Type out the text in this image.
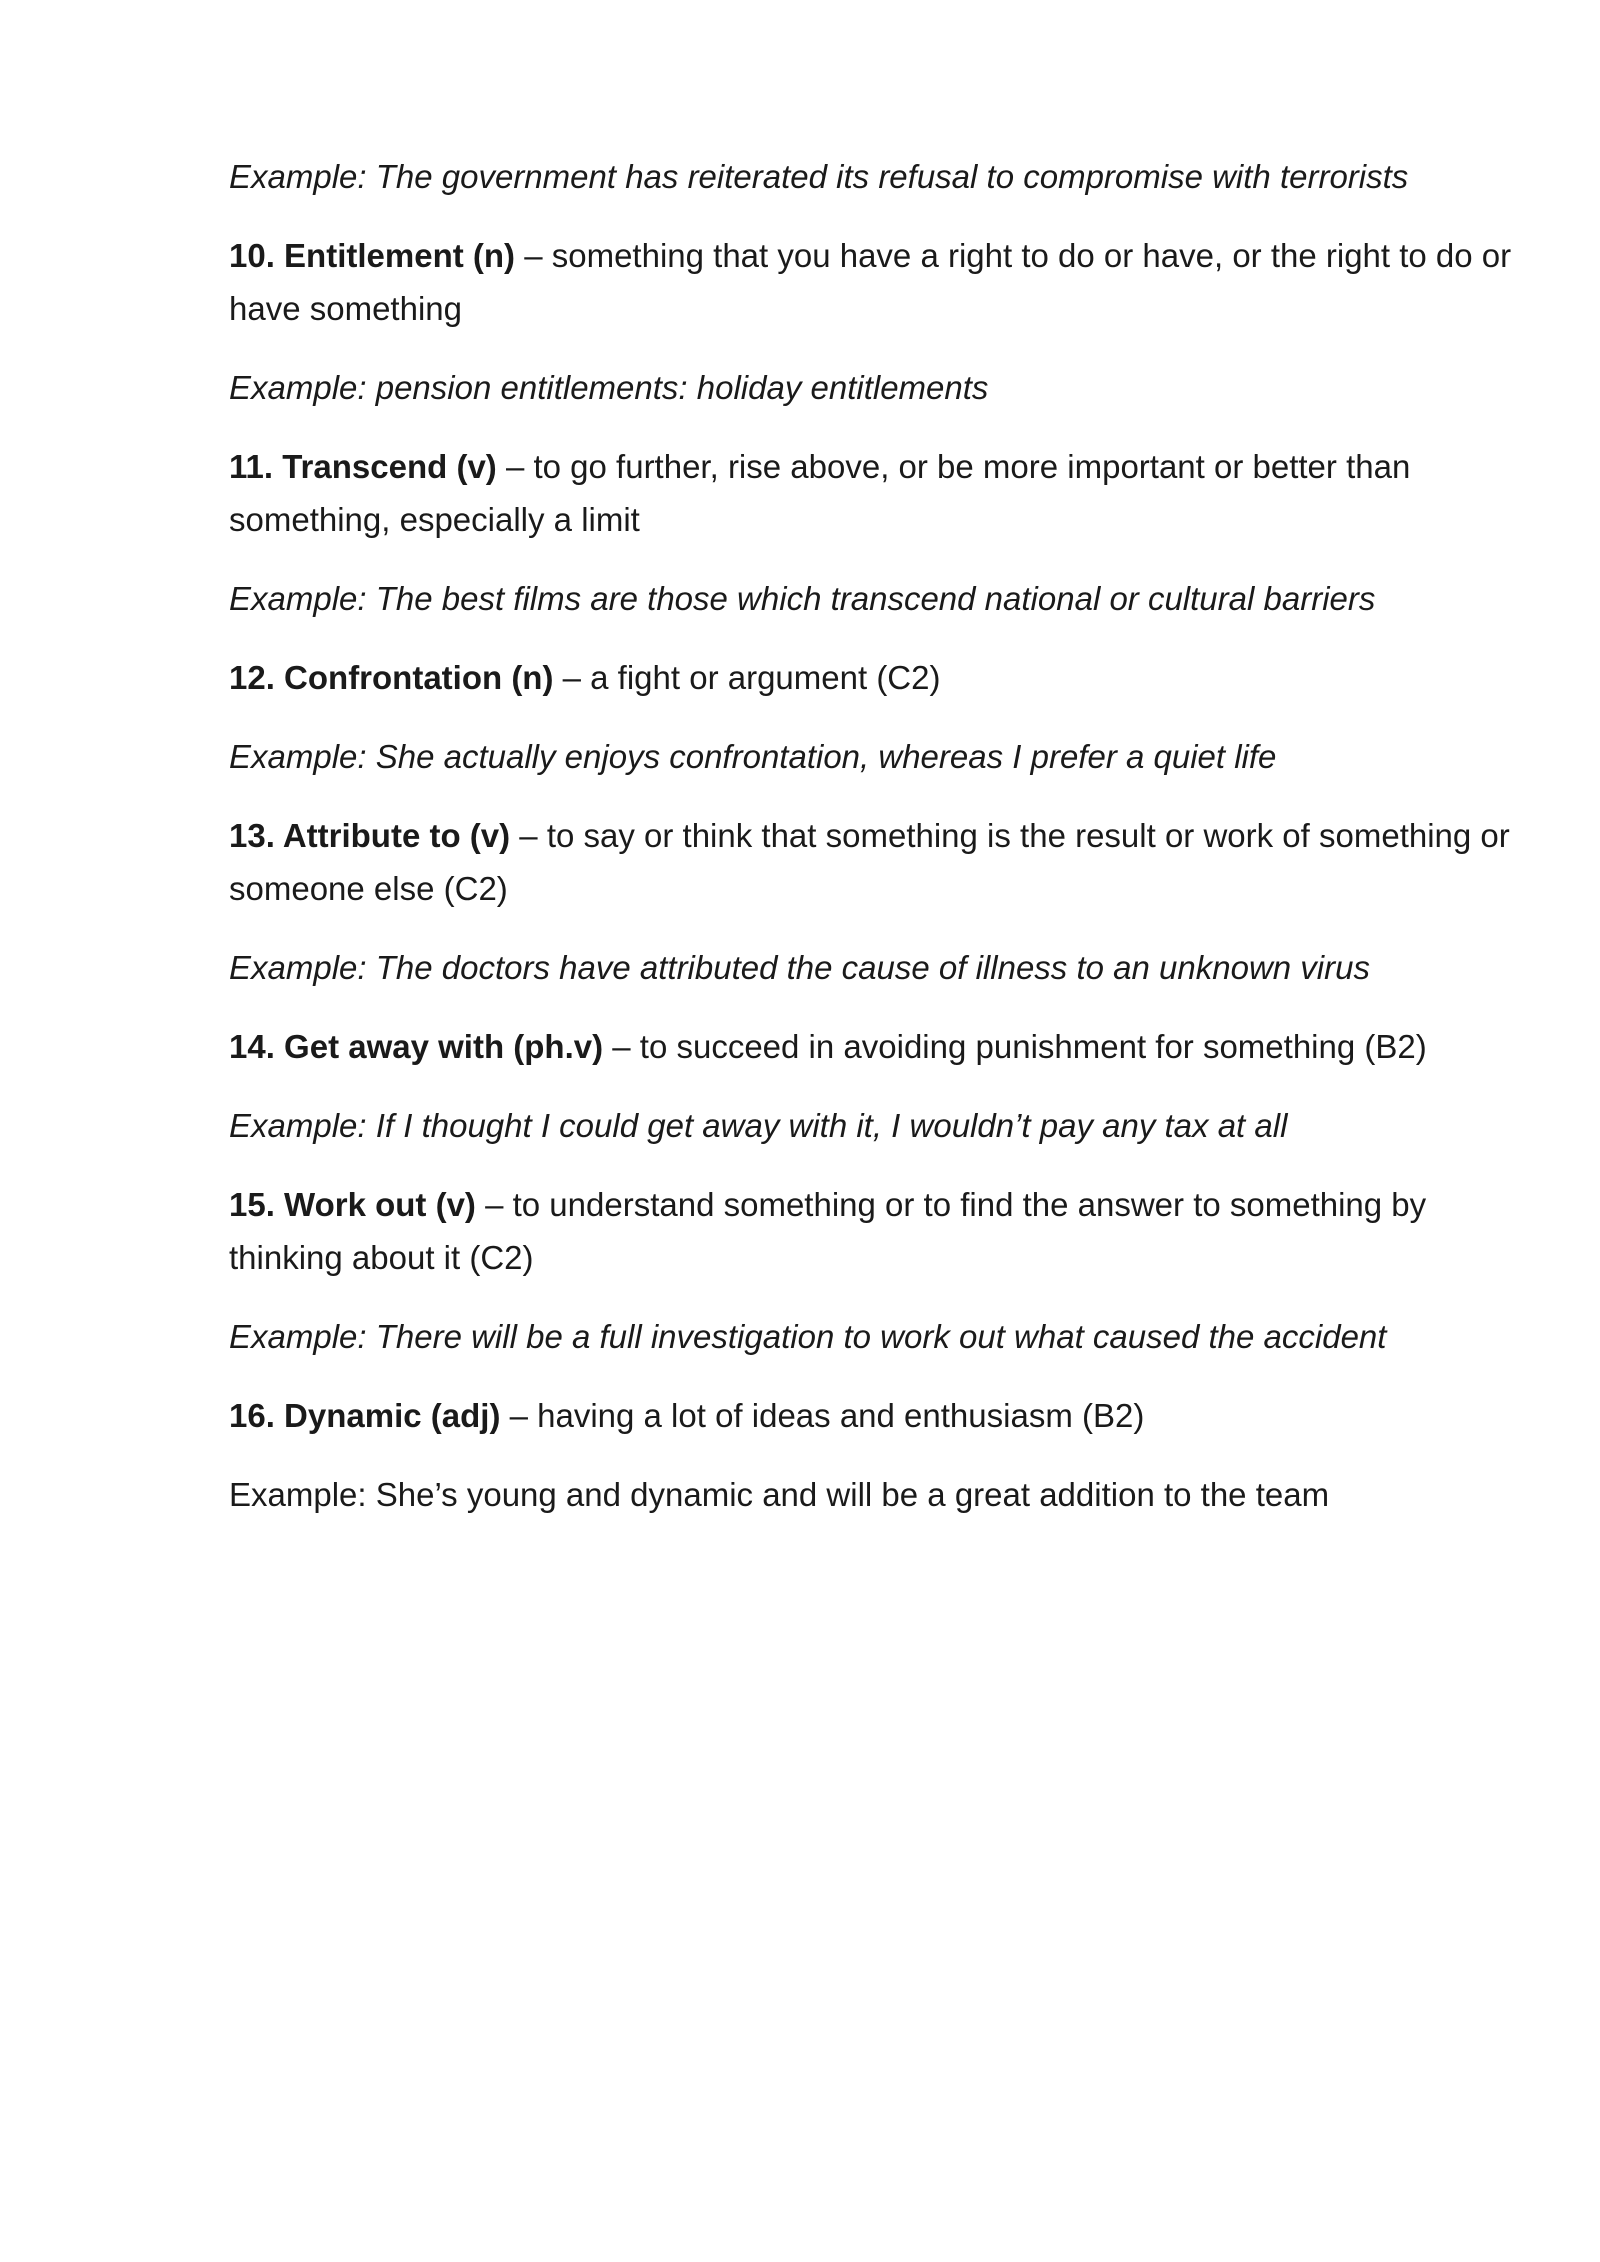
Example: The government has reiterated its refusal to compromise with terrorists

10. Entitlement (n) – something that you have a right to do or have, or the right to do or have something

Example: pension entitlements: holiday entitlements

11. Transcend (v) – to go further, rise above, or be more important or better than something, especially a limit

Example: The best films are those which transcend national or cultural barriers

12. Confrontation (n) – a fight or argument (C2)

Example: She actually enjoys confrontation, whereas I prefer a quiet life

13. Attribute to (v) – to say or think that something is the result or work of something or someone else (C2)

Example: The doctors have attributed the cause of illness to an unknown virus

14. Get away with (ph.v) – to succeed in avoiding punishment for something (B2)

Example: If I thought I could get away with it, I wouldn’t pay any tax at all

15. Work out (v) – to understand something or to find the answer to something by thinking about it (C2)

Example: There will be a full investigation to work out what caused the accident

16. Dynamic (adj) – having a lot of ideas and enthusiasm (B2)

Example: She’s young and dynamic and will be a great addition to the team
